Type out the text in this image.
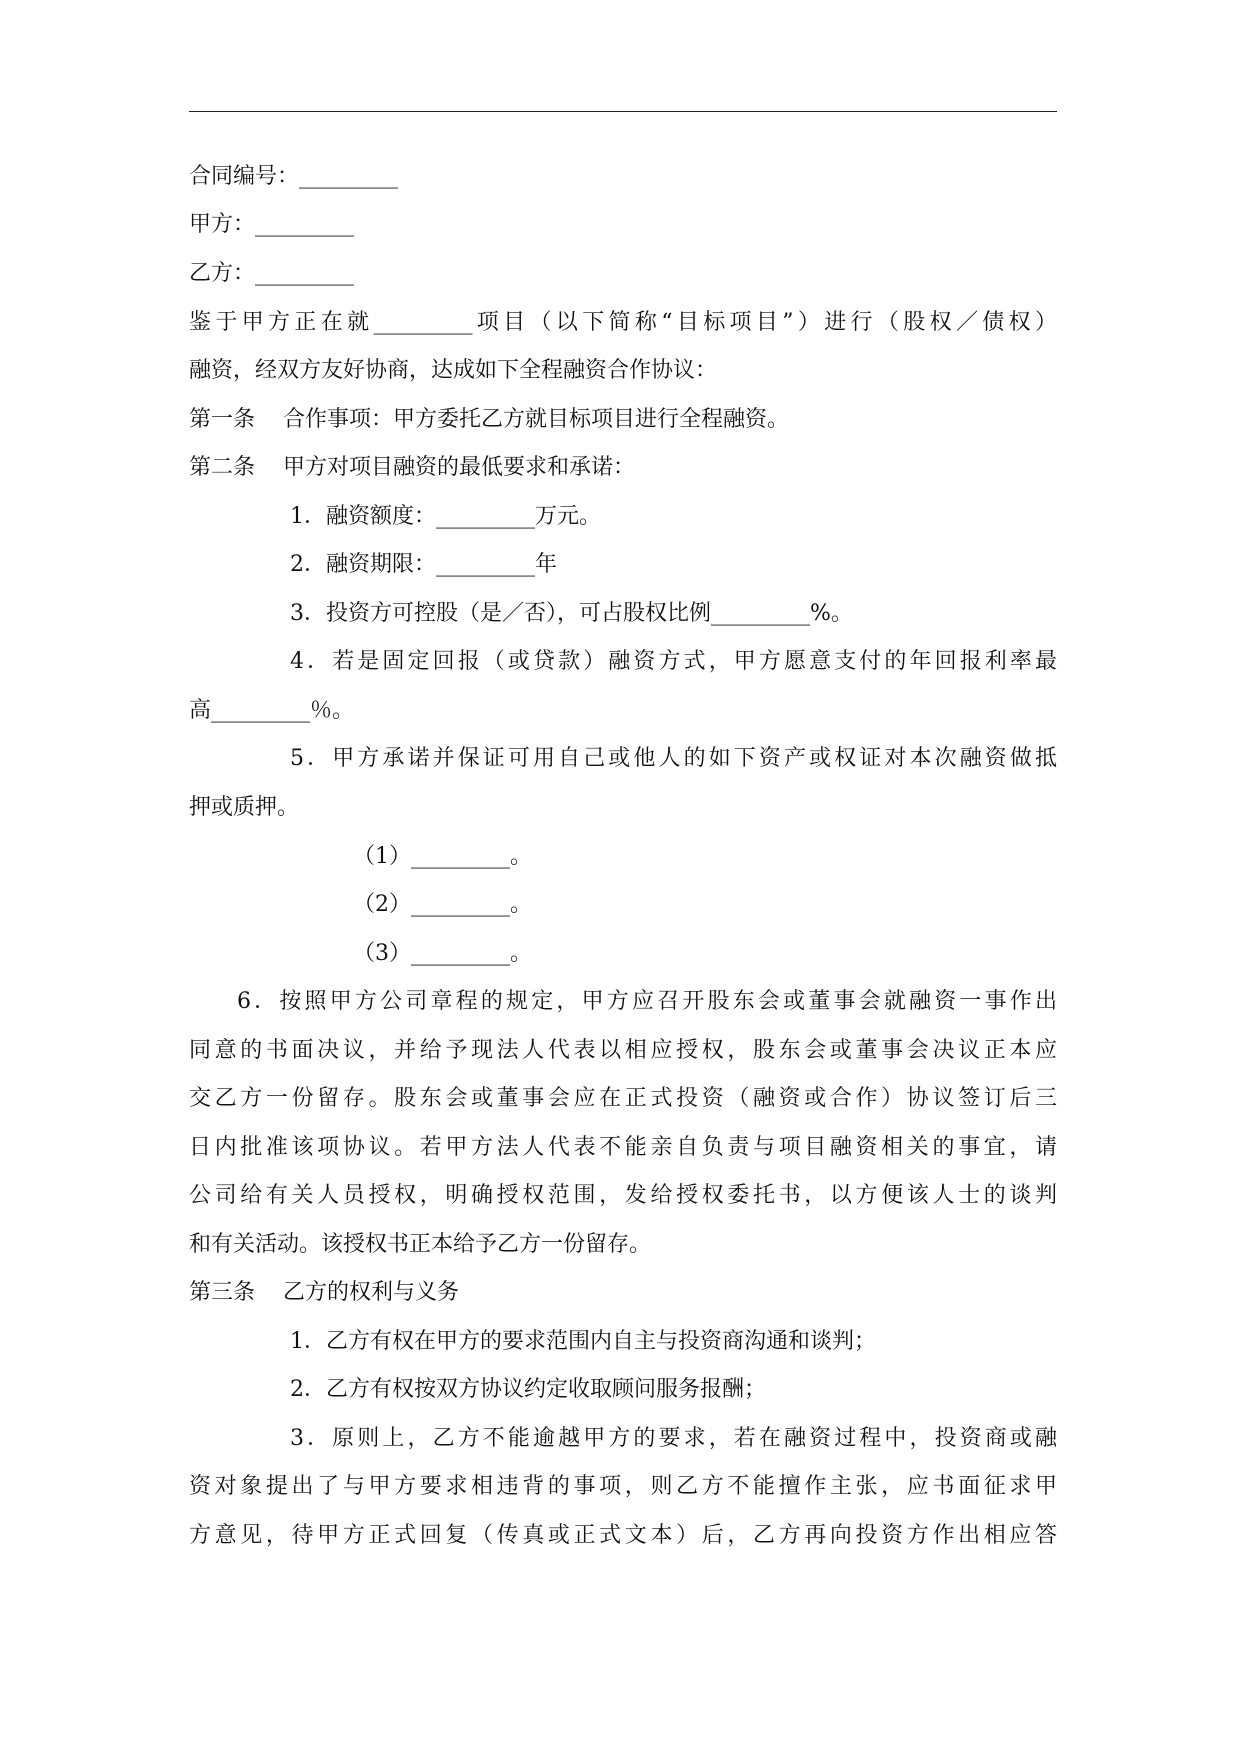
合同编号：_________
甲方：_________
乙方：_________
鉴于甲方正在就_________项目（以下简称“目标项目”）进行（股权／债权）
融资，经双方友好协商，达成如下全程融资合作协议：
第一条 合作事项：甲方委托乙方就目标项目进行全程融资。
第二条 甲方对项目融资的最低要求和承诺：
1．融资额度：_________万元。
2．融资期限：_________年
3．投资方可控股（是／否），可占股权比例_________%。
4．若是固定回报（或贷款）融资方式，甲方愿意支付的年回报利率最
高_________％。
5．甲方承诺并保证可用自己或他人的如下资产或权证对本次融资做抵
押或质押。
（1）_________。
（2）_________。
（3）_________。
6．按照甲方公司章程的规定，甲方应召开股东会或董事会就融资一事作出
同意的书面决议，并给予现法人代表以相应授权，股东会或董事会决议正本应
交乙方一份留存。股东会或董事会应在正式投资（融资或合作）协议签订后三
日内批准该项协议。若甲方法人代表不能亲自负责与项目融资相关的事宜，请
公司给有关人员授权，明确授权范围，发给授权委托书，以方便该人士的谈判
和有关活动。该授权书正本给予乙方一份留存。
第三条 乙方的权利与义务
1．乙方有权在甲方的要求范围内自主与投资商沟通和谈判；
2．乙方有权按双方协议约定收取顾问服务报酬；
3．原则上，乙方不能逾越甲方的要求，若在融资过程中，投资商或融
资对象提出了与甲方要求相违背的事项，则乙方不能擅作主张，应书面征求甲
方意见，待甲方正式回复（传真或正式文本）后，乙方再向投资方作出相应答
